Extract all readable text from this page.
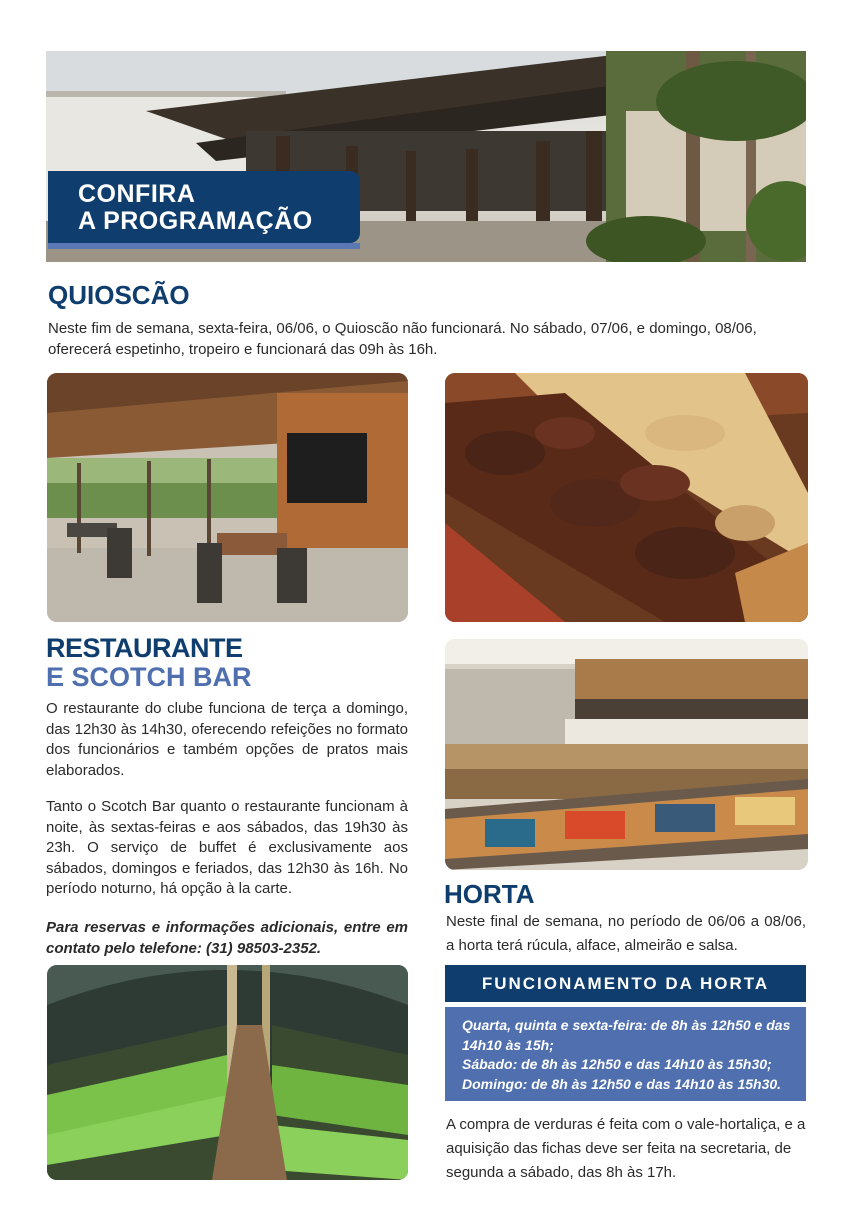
CONFIRA
A PROGRAMAÇÃO
QUIOSCÃO

Neste fim de semana, sexta-feira, 06/06, o Quioscão não funcionará. No sábado, 07/06, e domingo, 08/06, oferecerá espetinho, tropeiro e funcionará das 09h às 16h.

RESTAURANTE
E SCOTCH BAR

O restaurante do clube funciona de terça a domingo, das 12h30 às 14h30, oferecendo refeições no formato dos funcionários e também opções de pratos mais elaborados.

Tanto o Scotch Bar quanto o restaurante funcionam à noite, às sextas-feiras e aos sábados, das 19h30 às 23h. O serviço de buffet é exclusivamente aos sábados, domingos e feriados, das 12h30 às 16h. No período noturno, há opção à la carte.

Para reservas e informações adicionais, entre em contato pelo telefone: (31) 98503-2352.

HORTA

Neste final de semana, no período de 06/06 a 08/06, a horta terá rúcula, alface, almeirão e salsa.

FUNCIONAMENTO DA HORTA
Quarta, quinta e sexta-feira: de 8h às 12h50 e das 14h10 às 15h;
Sábado: de 8h às 12h50 e das 14h10 às 15h30;
Domingo: de 8h às 12h50 e das 14h10 às 15h30.

A compra de verduras é feita com o vale-hortaliça, e a aquisição das fichas deve ser feita na secretaria, de segunda a sábado, das 8h às 17h.
